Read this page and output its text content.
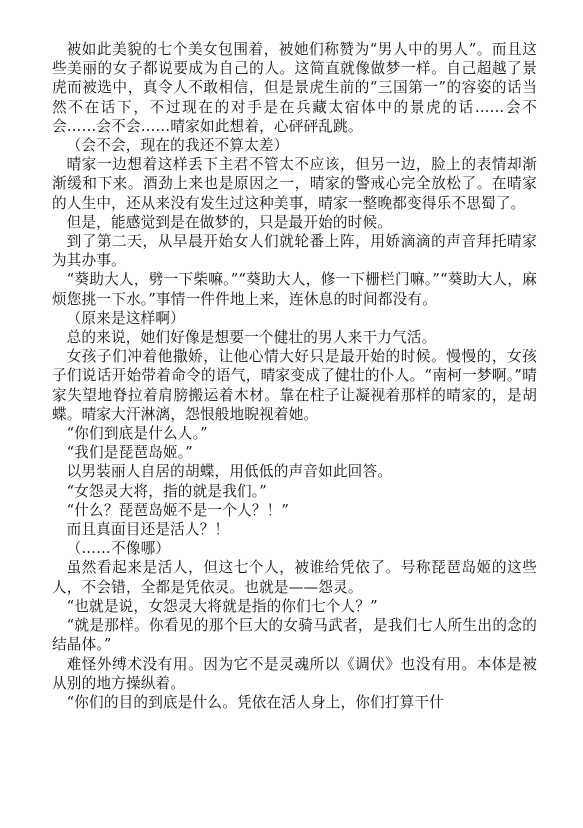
被如此美貌的七个美女包围着，被她们称赞为“男人中的男人”。而且这些美丽的女子都说要成为自己的人。这简直就像做梦一样。自己超越了景虎而被选中，真令人不敢相信，但是景虎生前的“三国第一”的容姿的话当然不在话下，不过现在的对手是在兵藏太宿体中的景虎的话……会不会……会不会……晴家如此想着，心砰砰乱跳。

（会不会，现在的我还不算太差）

晴家一边想着这样丢下主君不管太不应该，但另一边，脸上的表情却渐渐缓和下来。酒劲上来也是原因之一，晴家的警戒心完全放松了。在晴家的人生中，还从来没有发生过这种美事，晴家一整晚都变得乐不思蜀了。

但是，能感觉到是在做梦的，只是最开始的时候。

到了第二天，从早晨开始女人们就轮番上阵，用娇滴滴的声音拜托晴家为其办事。

“葵助大人，劈一下柴嘛。”“葵助大人，修一下栅栏门嘛。”“葵助大人，麻烦您挑一下水。”事情一件件地上来，连休息的时间都没有。

（原来是这样啊）

总的来说，她们好像是想要一个健壮的男人来干力气活。

女孩子们冲着他撒娇，让他心情大好只是最开始的时候。慢慢的，女孩子们说话开始带着命令的语气，晴家变成了健壮的仆人。“南柯一梦啊。”晴家失望地脊拉着肩膀搬运着木材。靠在柱子让凝视着那样的晴家的，是胡蝶。晴家大汗淋漓，怨恨般地睨视着她。

“你们到底是什么人。”

“我们是琵琶岛姬。”

以男装丽人自居的胡蝶，用低低的声音如此回答。

“女怨灵大将，指的就是我们。”

“什么？琵琶岛姬不是一个人？！”

而且真面目还是活人？！

（……不像哪）

虽然看起来是活人，但这七个人，被谁给凭依了。号称琵琶岛姬的这些人，不会错，全都是凭依灵。也就是——怨灵。

“也就是说，女怨灵大将就是指的你们七个人？”

“就是那样。你看见的那个巨大的女骑马武者，是我们七人所生出的念的结晶体。”

难怪外缚术没有用。因为它不是灵魂所以《调伏》也没有用。本体是被从别的地方操纵着。

“你们的目的到底是什么。凭依在活人身上，你们打算干什
